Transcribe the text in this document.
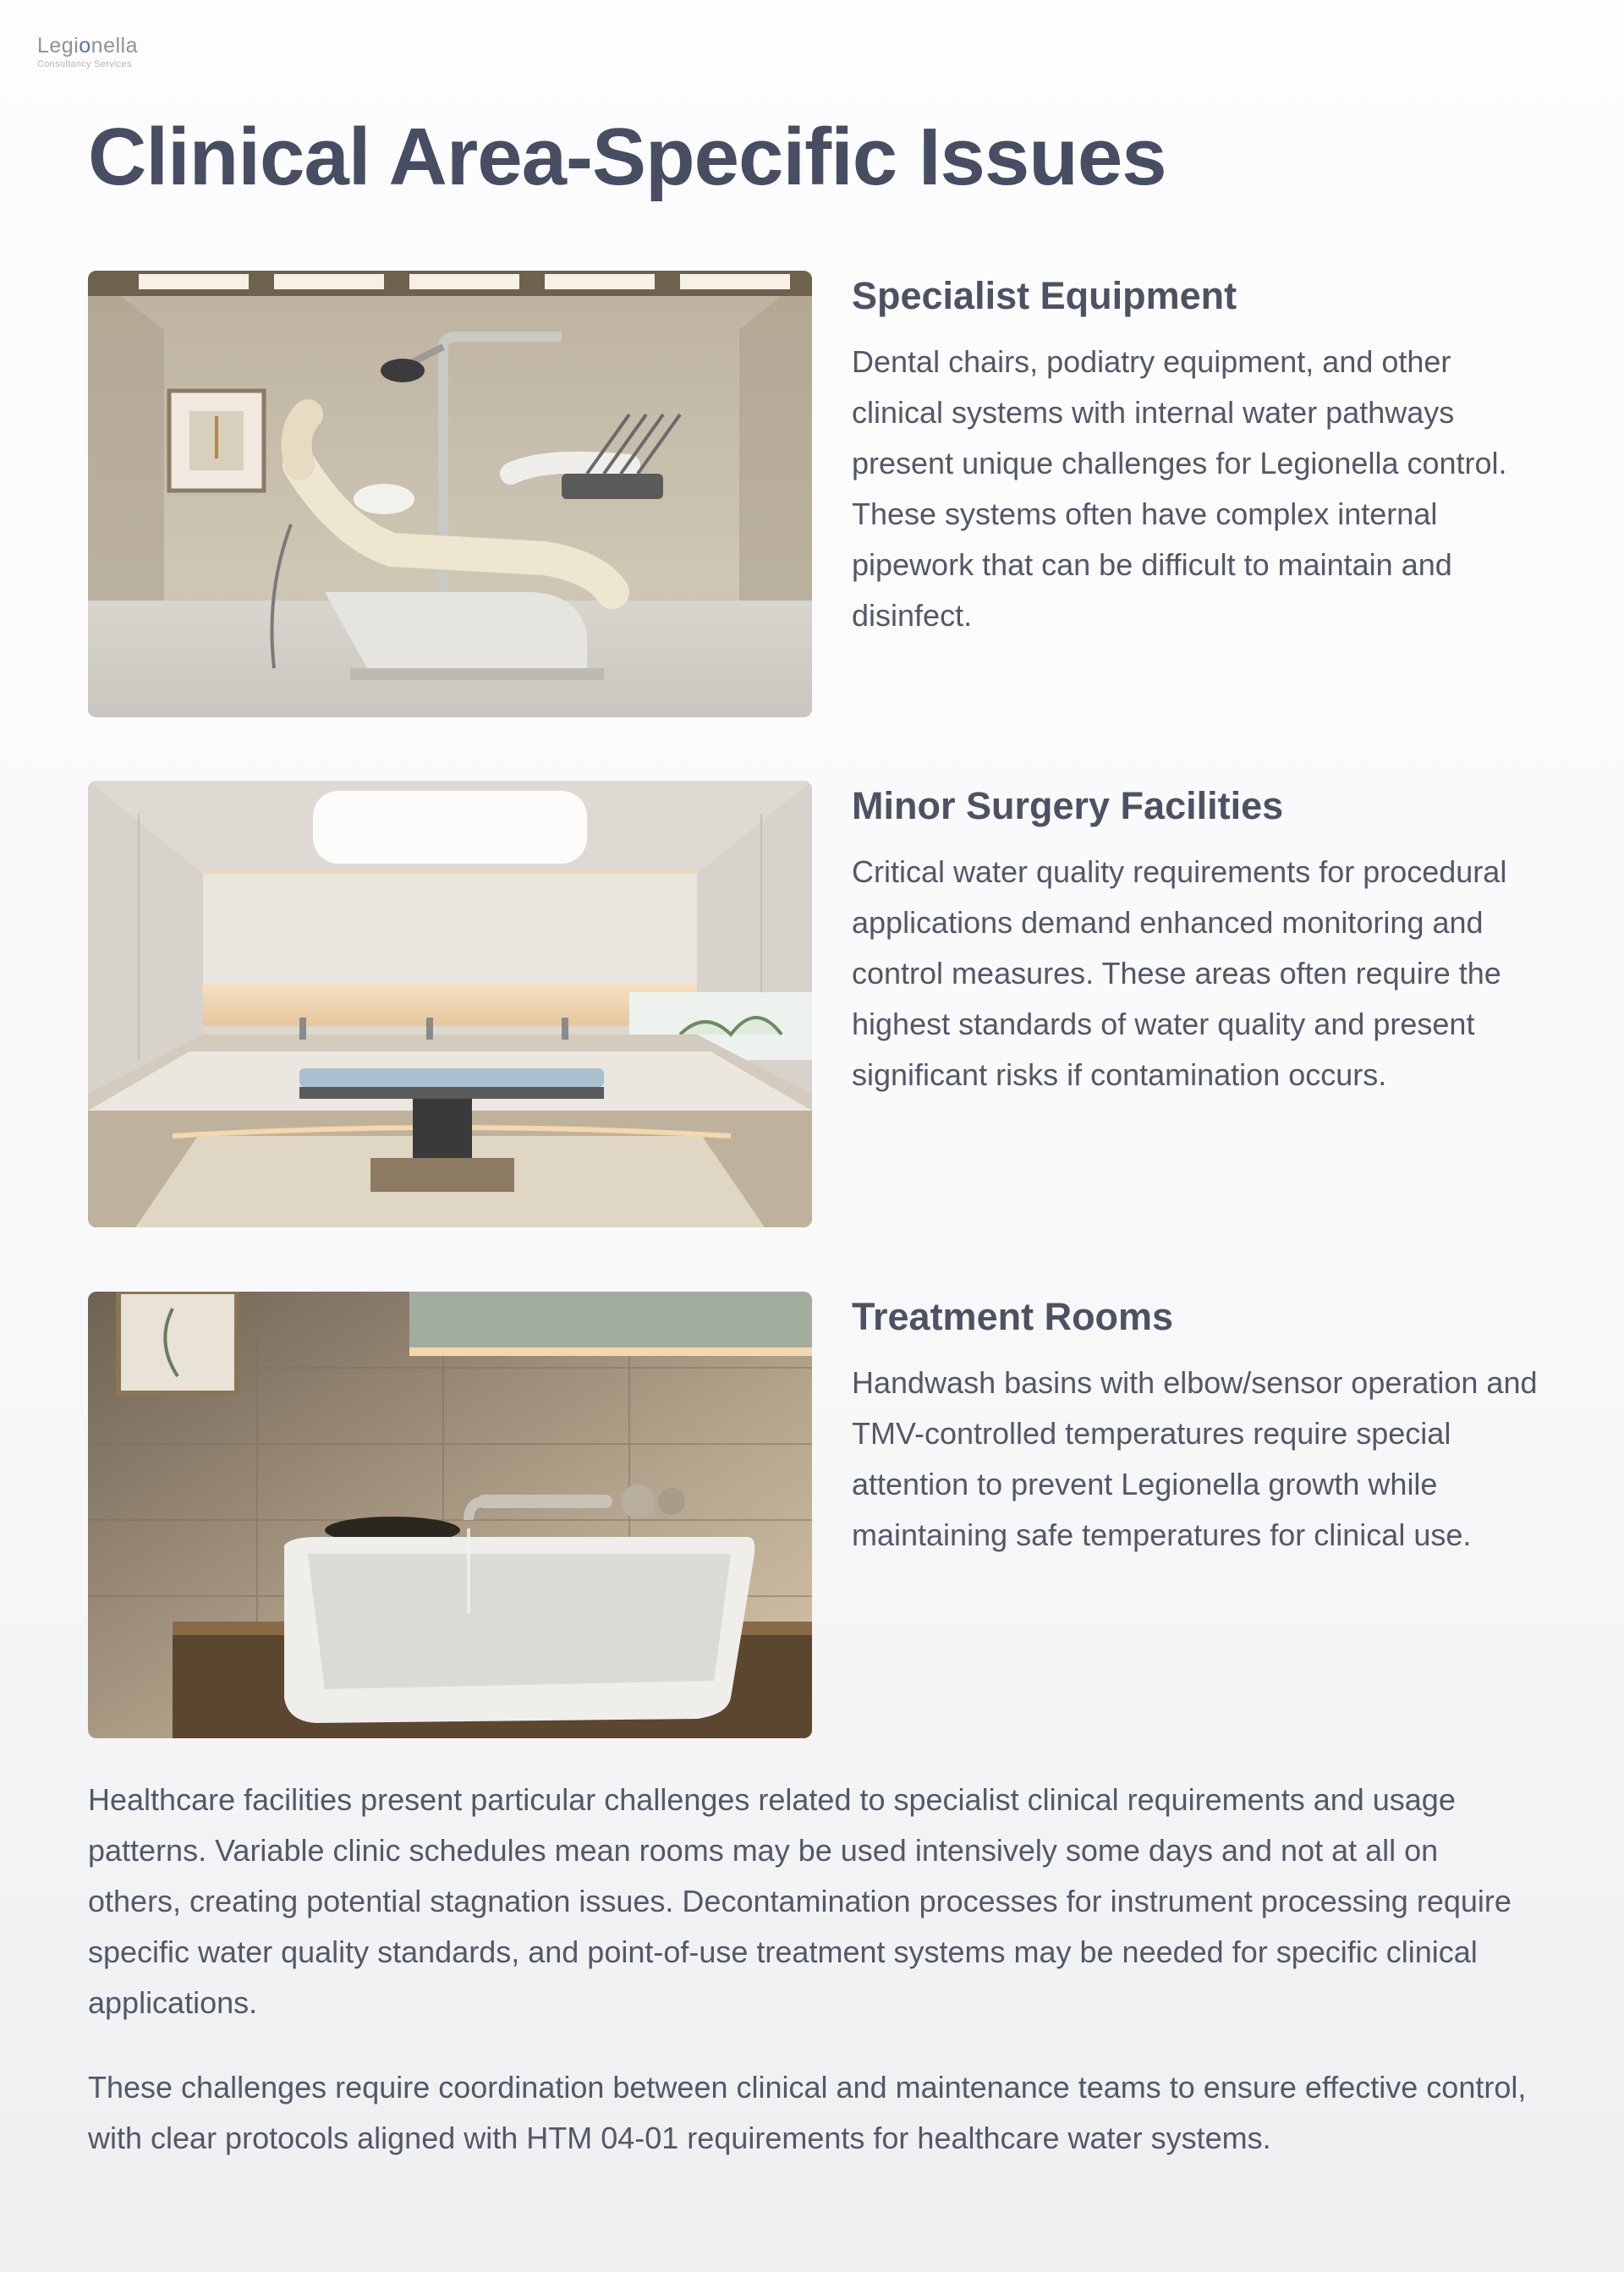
Legionella
Consultancy Services
Clinical Area-Specific Issues
Specialist Equipment

Dental chairs, podiatry equipment, and other clinical systems with internal water pathways present unique challenges for Legionella control. These systems often have complex internal pipework that can be difficult to maintain and disinfect.

Minor Surgery Facilities

Critical water quality requirements for procedural applications demand enhanced monitoring and control measures. These areas often require the highest standards of water quality and present significant risks if contamination occurs.

Treatment Rooms

Handwash basins with elbow/sensor operation and TMV-controlled temperatures require special attention to prevent Legionella growth while maintaining safe temperatures for clinical use.

Healthcare facilities present particular challenges related to specialist clinical requirements and usage patterns. Variable clinic schedules mean rooms may be used intensively some days and not at all on others, creating potential stagnation issues. Decontamination processes for instrument processing require specific water quality standards, and point-of-use treatment systems may be needed for specific clinical applications.

These challenges require coordination between clinical and maintenance teams to ensure effective control, with clear protocols aligned with HTM 04-01 requirements for healthcare water systems.
